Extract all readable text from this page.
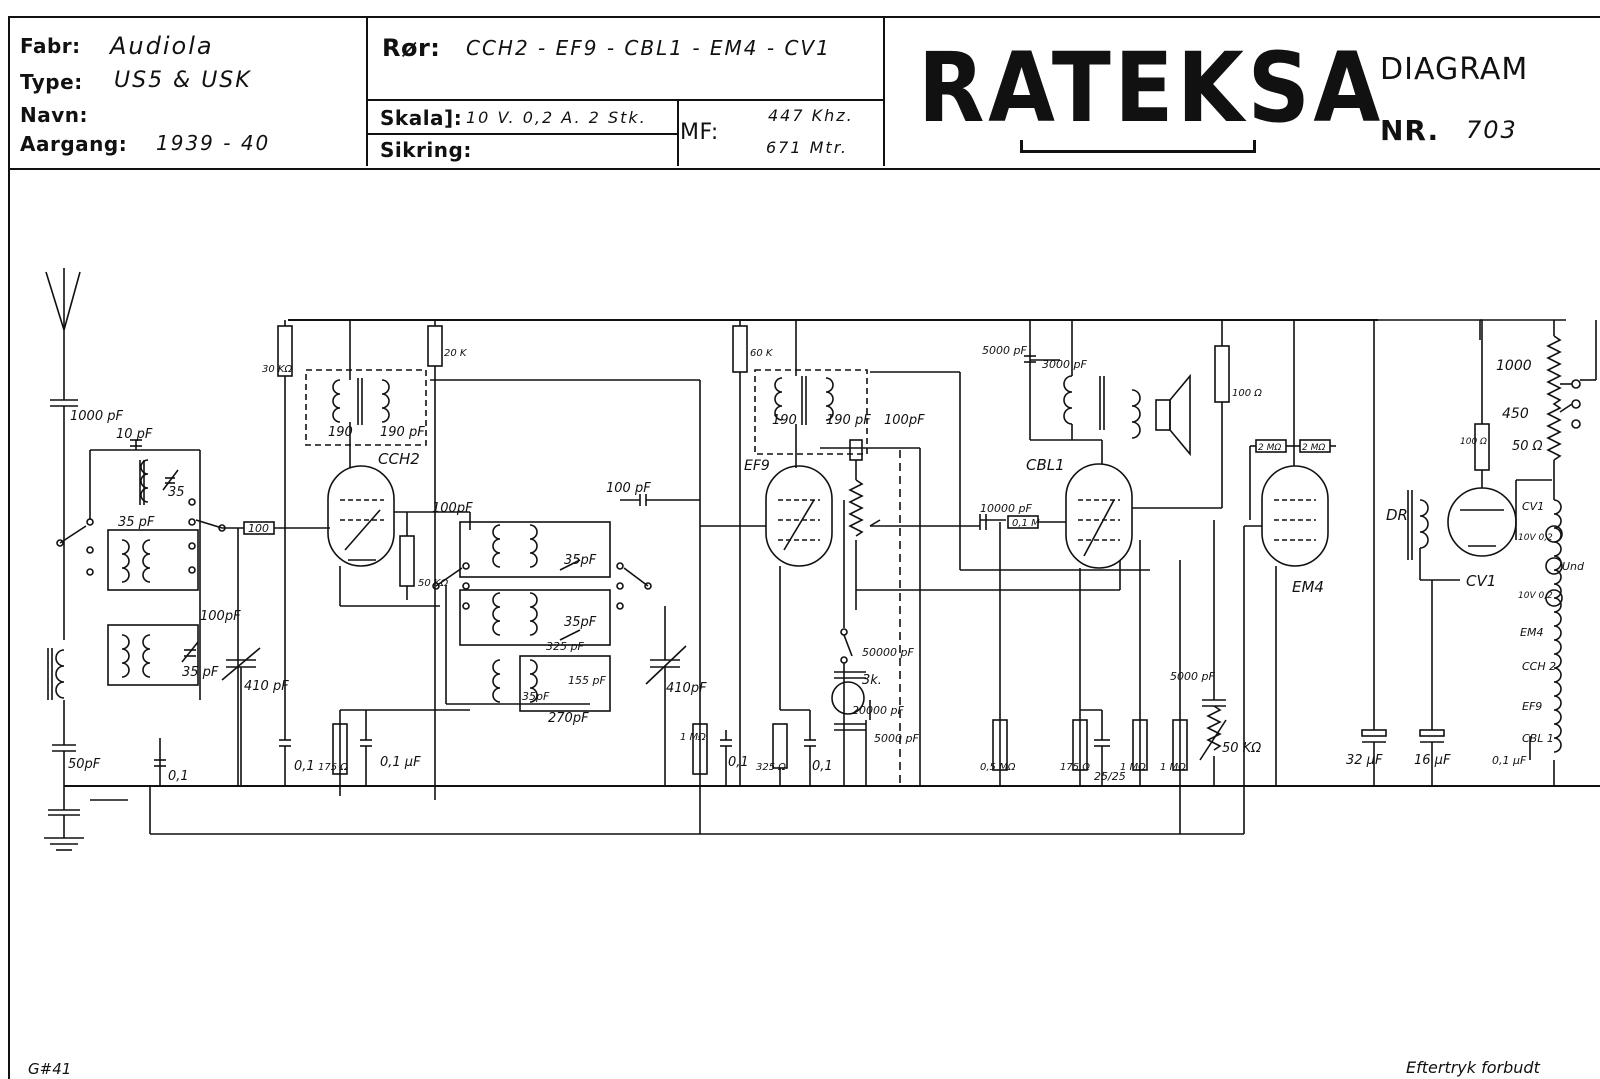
Fabr: Audiola
Type: US5 & USK
Navn:
Aargang: 1939 - 40
Rør: CCH2 - EF9 - CBL1 - EM4 - CV1
Skala]: 10 V. 0,2 A. 2 Stk.
Sikring:
MF:
447 Khz.
671 Mtr.
RATEKSA
DIAGRAM
NR. 703
1000 pF
10 pF
35
35 pF
100pF
35 pF
410 pF
50pF
0,1
100
30 KΩ
20 K
190 190 pF
CCH2
100pF
50 KΩ
0,1 175 Ω 0,1 µF
35pF
35pF
325 pF
155 pF
35pF
270pF
100 pF
410pF
1 MΩ
0,1
60 K
190 190 pF 100pF
EF9
325 Ω 0,1
50000 pF
3k.
20000 pF
5000 pF
5000 pF
3000 pF
CBL1
10000 pF
0,1 M
100 Ω
0,5 MΩ	175 Ω
25/25
1 MΩ 1 MΩ
5000 pF
50 KΩ
2 MΩ 2 MΩ
EM4
32 µF 16 µF
DR
CV1
100 Ω
1000
450
50 Ω
CV1
10V 0,2
Und
10V 0,2
EM4
CCH 2
EF9
CBL 1
0,1 µF
G#41	Eftertryk forbudt
